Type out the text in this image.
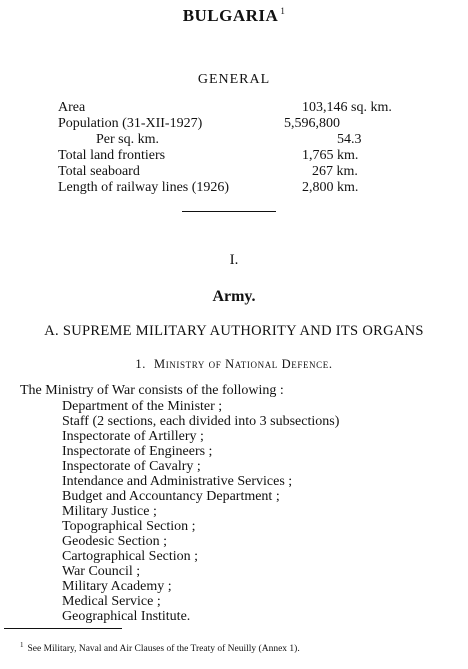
BULGARIA $^1$
GENERAL
Area	103,146 sq. km.
Population (31-XII-1927)	5,596,800
Per sq. km.	54.3
Total land frontiers	1,765 km.
Total seaboard	267 km.
Length of railway lines (1926)	2,800 km.
I.
Army.
A. SUPREME MILITARY AUTHORITY AND ITS ORGANS
1. Ministry of National Defence.
The Ministry of War consists of the following :
Department of the Minister ;
Staff (2 sections, each divided into 3 subsections)
Inspectorate of Artillery ;
Inspectorate of Engineers ;
Inspectorate of Cavalry ;
Intendance and Administrative Services ;
Budget and Accountancy Department ;
Military Justice ;
Topographical Section ;
Geodesic Section ;
Cartographical Section ;
War Council ;
Military Academy ;
Medical Service ;
Geographical Institute.
$^1$ See Military, Naval and Air Clauses of the Treaty of Neuilly (Annex 1).
